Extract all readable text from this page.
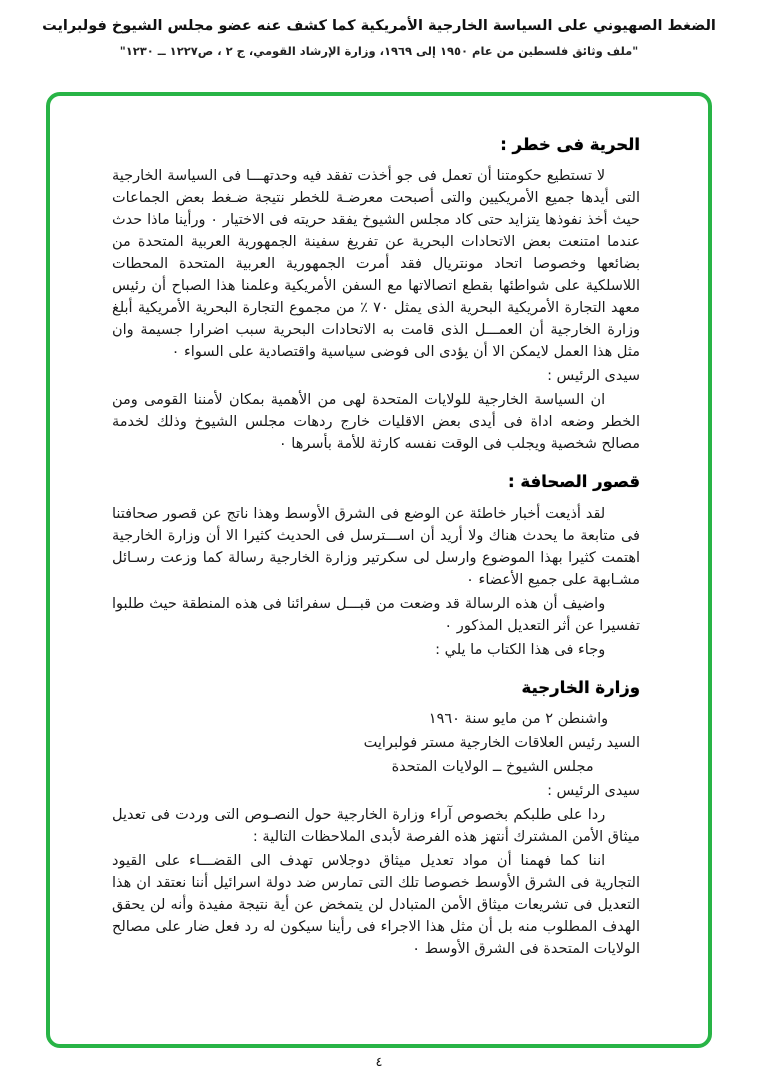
الضغط الصهيوني على السياسة الخارجية الأمريكية كما كشف عنه عضو مجلس الشيوخ فولبرايت
"ملف وثائق فلسطين من عام ١٩٥٠ إلى ١٩٦٩، وزارة الإرشاد القومي، ج ٢ ، ص١٢٢٧ ــ ١٢٣٠"
الحرية فى خطر :
لا تستطيع حكومتنا أن تعمل فى جو أخذت تفقد فيه وحدتهـــا فى السياسة الخارجية التى أيدها جميع الأمريكيين والتى أصبحت معرضـة للخطر نتيجة ضـغط بعض الجماعات حيث أخذ نفوذها يتزايد حتى كاد مجلس الشيوخ يفقد حريته فى الاختيار ٠ ورأينا ماذا حدث عندما امتنعت بعض الاتحادات البحرية عن تفريغ سفينة الجمهورية العربية المتحدة من بضائعها وخصوصا اتحاد مونتريال فقد أمرت الجمهورية العربية المتحدة المحطات اللاسلكية على شواطئها بقطع اتصالاتها مع السفن الأمريكية وعلمنا هذا الصباح أن رئيس معهد التجارة الأمريكية البحرية الذى يمثل ٧٠ ٪ من مجموع التجارة البحرية الأمريكية أبلغ وزارة الخارجية أن العمـــل الذى قامت به الاتحادات البحرية سبب اضرارا جسيمة وان مثل هذا العمل لايمكن الا أن يؤدى الى فوضى سياسية واقتصادية على السواء ٠
سيدى الرئيس :
ان السياسة الخارجية للولايات المتحدة لهى من الأهمية بمكان لأمننا القومى ومن الخطر وضعه اداة فى أيدى بعض الاقليات خارج ردهات مجلس الشيوخ وذلك لخدمة مصالح شخصية ويجلب فى الوقت نفسه كارثة للأمة بأسرها ٠
قصور الصحافة :
لقد أذيعت أخبار خاطئة عن الوضع فى الشرق الأوسط وهذا ناتج عن قصور صحافتنا فى متابعة ما يحدث هناك ولا أريد أن اســـترسل فى الحديث كثيرا الا أن وزارة الخارجية اهتمت كثيرا بهذا الموضوع وارسل لى سكرتير وزارة الخارجية رسالة كما وزعت رسـائل مشـابهة على جميع الأعضاء ٠
واضيف أن هذه الرسالة قد وضعت من قبـــل سفرائنا فى هذه المنطقة حيث طلبوا تفسيرا عن أثر التعديل المذكور ٠
وجاء فى هذا الكتاب ما يلي :
وزارة الخارجية
واشنطن ٢ من مايو سنة ١٩٦٠
السيد رئيس العلاقات الخارجية مستر فولبرايت
مجلس الشيوخ ــ الولايات المتحدة
سيدى الرئيس :
ردا على طلبكم بخصوص آراء وزارة الخارجية حول النصـوص التى وردت فى تعديل ميثاق الأمن المشترك أنتهز هذه الفرصة لأبدى الملاحظات التالية :
اننا كما فهمنا أن مواد تعديل ميثاق دوجلاس تهدف الى القضـــاء على القيود التجارية فى الشرق الأوسط خصوصا تلك التى تمارس ضد دولة اسرائيل أننا نعتقد ان هذا التعديل فى تشريعات ميثاق الأمن المتبادل لن يتمخض عن أية نتيجة مفيدة وأنه لن يحقق الهدف المطلوب منه بل أن مثل هذا الاجراء فى رأينا سيكون له رد فعل ضار على مصالح الولايات المتحدة فى الشرق الأوسط ٠
٤
